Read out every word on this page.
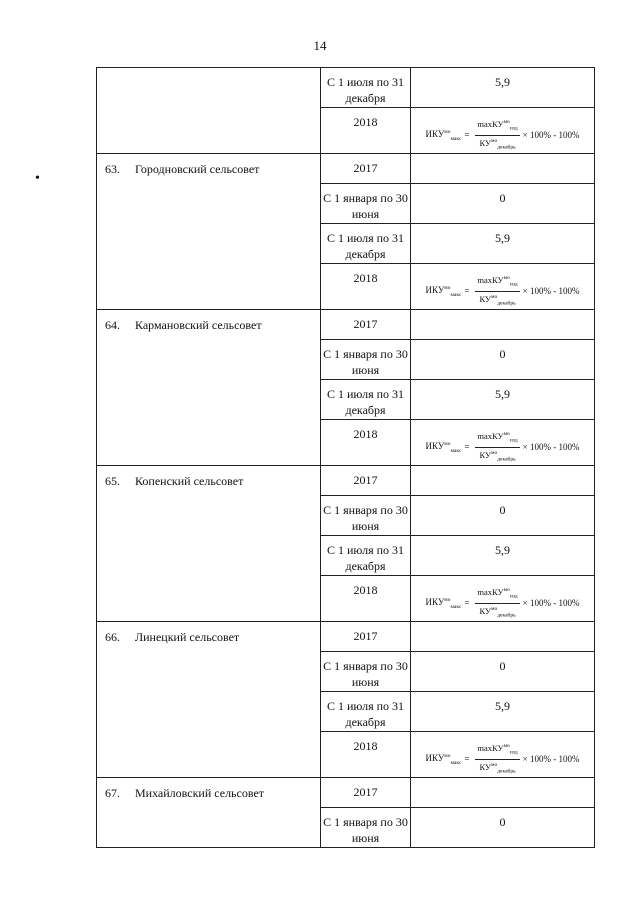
14
•

	С 1 июля по 31 декабря	5,9

	2018	$ИКУ^{мо}_{макс} = \frac{\max КУ^{мо}_{изд}}{КУ^{мо}_{декабрь}} \times 100\% - 100\%$

63. Городновский сельсовет	2017	

	С 1 января по 30 июня	0

	С 1 июля по 31 декабря	5,9

	2018	$ИКУ^{мо}_{макс} = \frac{\max КУ^{мо}_{изд}}{КУ^{мо}_{декабрь}} \times 100\% - 100\%$

64. Кармановский сельсовет	2017	

	С 1 января по 30 июня	0

	С 1 июля по 31 декабря	5,9

	2018	$ИКУ^{мо}_{макс} = \frac{\max КУ^{мо}_{изд}}{КУ^{мо}_{декабрь}} \times 100\% - 100\%$

65. Копенский сельсовет	2017	

	С 1 января по 30 июня	0

	С 1 июля по 31 декабря	5,9

	2018	$ИКУ^{мо}_{макс} = \frac{\max КУ^{мо}_{изд}}{КУ^{мо}_{декабрь}} \times 100\% - 100\%$

66. Линецкий сельсовет	2017	

	С 1 января по 30 июня	0

	С 1 июля по 31 декабря	5,9

	2018	$ИКУ^{мо}_{макс} = \frac{\max КУ^{мо}_{изд}}{КУ^{мо}_{декабрь}} \times 100\% - 100\%$

67. Михайловский сельсовет	2017	

	С 1 января по 30 июня	0
